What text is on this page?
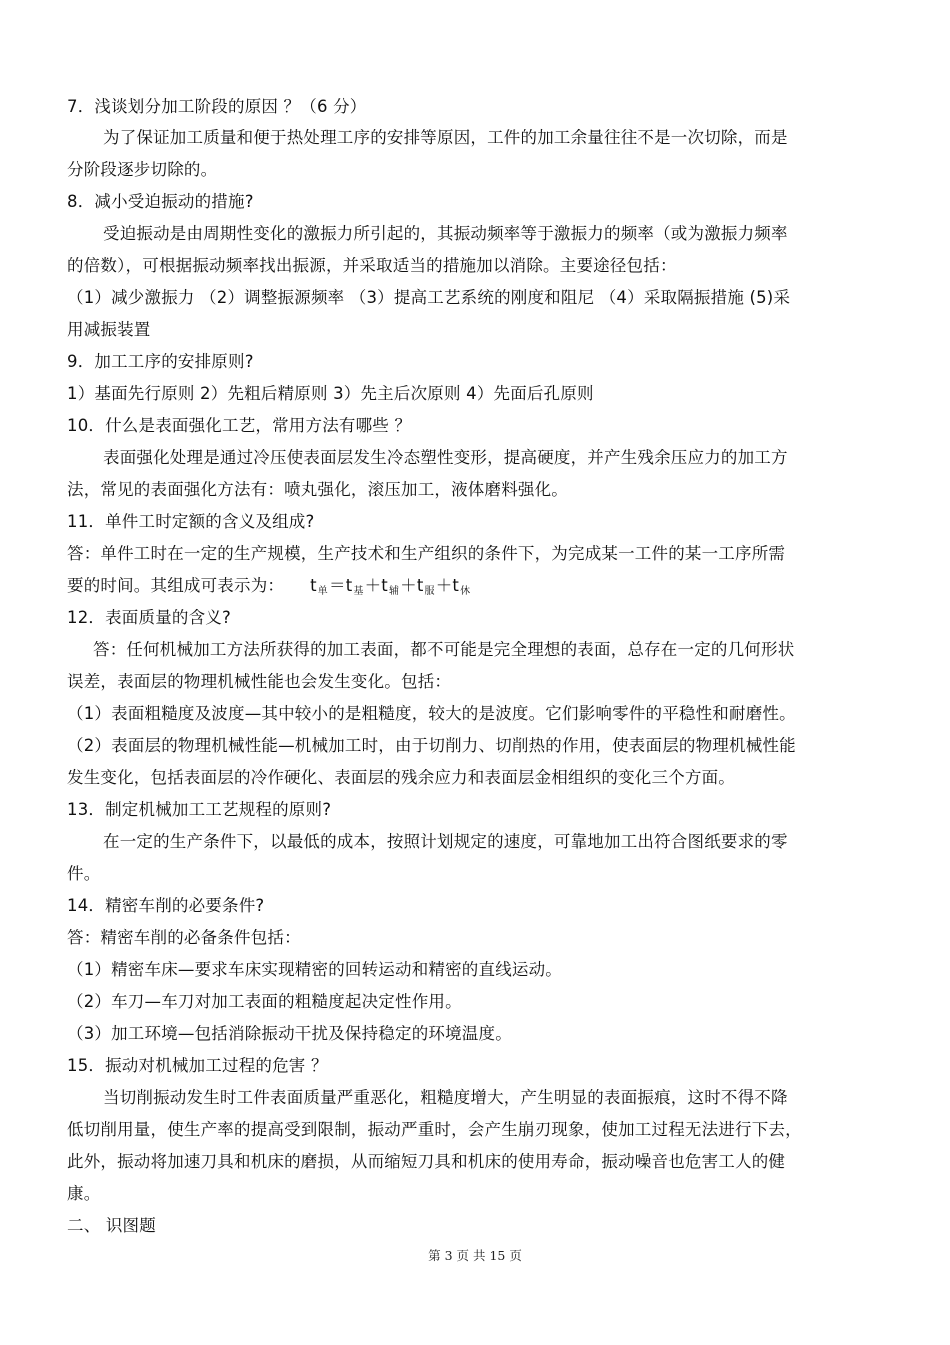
7．浅谈划分加工阶段的原因 ？（6 分）
为了保证加工质量和便于热处理工序的安排等原因，工件的加工余量往往不是一次切除，而是
分阶段逐步切除的。
8．减小受迫振动的措施?
受迫振动是由周期性变化的激振力所引起的，其振动频率等于激振力的频率（或为激振力频率
的倍数），可根据振动频率找出振源，并采取适当的措施加以消除。主要途径包括：
（1）减少激振力 （2）调整振源频率 （3）提高工艺系统的刚度和阻尼 （4）采取隔振措施 (5)采
用减振装置
9．加工工序的安排原则?
1）基面先行原则 2）先粗后精原则 3）先主后次原则 4）先面后孔原则
10．什么是表面强化工艺，常用方法有哪些 ？
表面强化处理是通过冷压使表面层发生冷态塑性变形，提高硬度，并产生残余压应力的加工方
法，常见的表面强化方法有：喷丸强化，滚压加工，液体磨料强化。
11．单件工时定额的含义及组成?
答：单件工时在一定的生产规模，生产技术和生产组织的条件下，为完成某一工件的某一工序所需
要的时间。其组成可表示为： t单＝t基＋t辅＋t服＋t休
12．表面质量的含义?
答：任何机械加工方法所获得的加工表面，都不可能是完全理想的表面，总存在一定的几何形状
误差，表面层的物理机械性能也会发生变化。包括：
（1）表面粗糙度及波度—其中较小的是粗糙度，较大的是波度。它们影响零件的平稳性和耐磨性。
（2）表面层的物理机械性能—机械加工时，由于切削力、切削热的作用，使表面层的物理机械性能
发生变化，包括表面层的冷作硬化、表面层的残余应力和表面层金相组织的变化三个方面。
13．制定机械加工工艺规程的原则?
在一定的生产条件下，以最低的成本，按照计划规定的速度，可靠地加工出符合图纸要求的零
件。
14．精密车削的必要条件?
答：精密车削的必备条件包括：
（1）精密车床—要求车床实现精密的回转运动和精密的直线运动。
（2）车刀—车刀对加工表面的粗糙度起决定性作用。
（3）加工环境—包括消除振动干扰及保持稳定的环境温度。
15．振动对机械加工过程的危害 ？
当切削振动发生时工件表面质量严重恶化，粗糙度增大，产生明显的表面振痕，这时不得不降
低切削用量，使生产率的提高受到限制，振动严重时，会产生崩刃现象，使加工过程无法进行下去，
此外，振动将加速刀具和机床的磨损，从而缩短刀具和机床的使用寿命，振动噪音也危害工人的健
康。
二、 识图题
第 3 页 共 15 页
